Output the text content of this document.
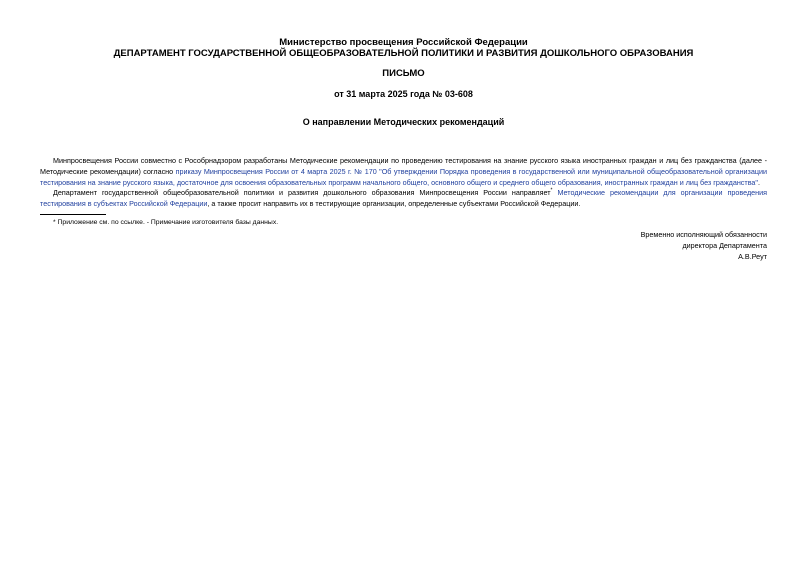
Министерство просвещения Российской Федерации
ДЕПАРТАМЕНТ ГОСУДАРСТВЕННОЙ ОБЩЕОБРАЗОВАТЕЛЬНОЙ ПОЛИТИКИ И РАЗВИТИЯ ДОШКОЛЬНОГО ОБРАЗОВАНИЯ
ПИСЬМО
от 31 марта 2025 года № 03-608
О направлении Методических рекомендаций
Минпросвещения России совместно с Рособрнадзором разработаны Методические рекомендации по проведению тестирования на знание русского языка иностранных граждан и лиц без гражданства (далее - Методические рекомендации) согласно приказу Минпросвещения России от 4 марта 2025 г. № 170 "Об утверждении Порядка проведения в государственной или муниципальной общеобразовательной организации тестирования на знание русского языка, достаточное для освоения образовательных программ начального общего, основного общего и среднего общего образования, иностранных граждан и лиц без гражданства".
Департамент государственной общеобразовательной политики и развития дошкольного образования Минпросвещения России направляет* Методические рекомендации для организации проведения тестирования в субъектах Российской Федерации, а также просит направить их в тестирующие организации, определенные субъектами Российской Федерации.
* Приложение см. по ссылке. - Примечание изготовителя базы данных.
Временно исполняющий обязанности
директора Департамента
А.В.Реут
